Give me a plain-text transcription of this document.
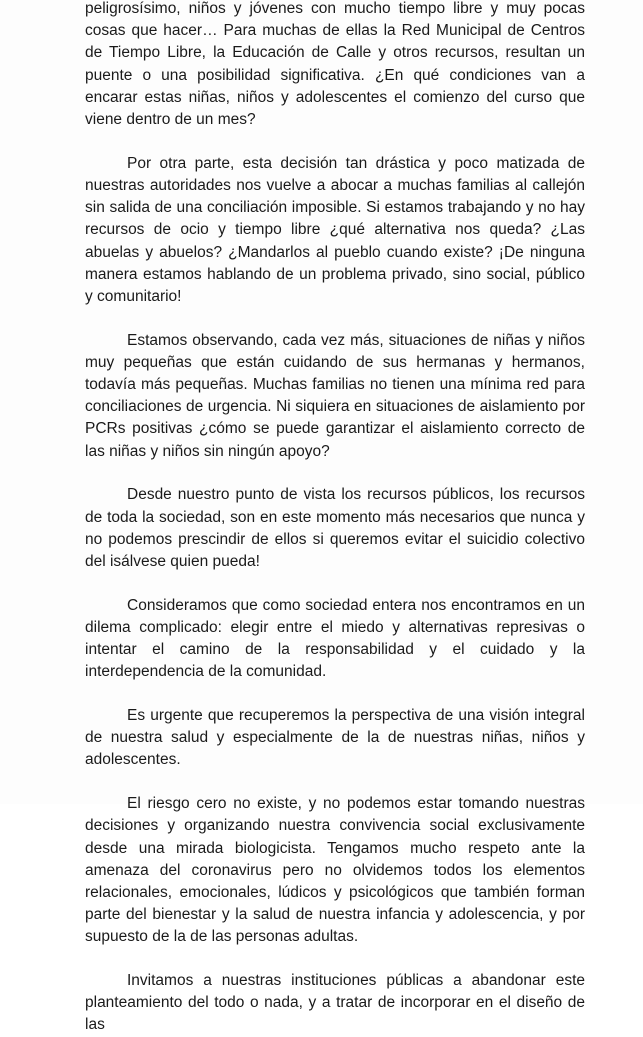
peligrosísimo, niños y jóvenes con mucho tiempo libre y muy pocas cosas que hacer… Para muchas de ellas la Red Municipal de Centros de Tiempo Libre, la Educación de Calle y otros recursos, resultan un puente o una posibilidad significativa. ¿En qué condiciones van a encarar estas niñas, niños y adolescentes el comienzo del curso que viene dentro de un mes?

Por otra parte, esta decisión tan drástica y poco matizada de nuestras autoridades nos vuelve a abocar a muchas familias al callejón sin salida de una conciliación imposible. Si estamos trabajando y no hay recursos de ocio y tiempo libre ¿qué alternativa nos queda? ¿Las abuelas y abuelos? ¿Mandarlos al pueblo cuando existe? ¡De ninguna manera estamos hablando de un problema privado, sino social, público y comunitario!

Estamos observando, cada vez más, situaciones de niñas y niños muy pequeñas que están cuidando de sus hermanas y hermanos, todavía más pequeñas. Muchas familias no tienen una mínima red para conciliaciones de urgencia. Ni siquiera en situaciones de aislamiento por PCRs positivas ¿cómo se puede garantizar el aislamiento correcto de las niñas y niños sin ningún apoyo?

Desde nuestro punto de vista los recursos públicos, los recursos de toda la sociedad, son en este momento más necesarios que nunca y no podemos prescindir de ellos si queremos evitar el suicidio colectivo del isálvese quien pueda!

Consideramos que como sociedad entera nos encontramos en un dilema complicado: elegir entre el miedo y alternativas represivas o intentar el camino de la responsabilidad y el cuidado y la interdependencia de la comunidad.

Es urgente que recuperemos la perspectiva de una visión integral de nuestra salud y especialmente de la de nuestras niñas, niños y adolescentes.

El riesgo cero no existe, y no podemos estar tomando nuestras decisiones y organizando nuestra convivencia social exclusivamente desde una mirada biologicista. Tengamos mucho respeto ante la amenaza del coronavirus pero no olvidemos todos los elementos relacionales, emocionales, lúdicos y psicológicos que también forman parte del bienestar y la salud de nuestra infancia y adolescencia, y por supuesto de la de las personas adultas.

Invitamos a nuestras instituciones públicas a abandonar este planteamiento del todo o nada, y a tratar de incorporar en el diseño de las
